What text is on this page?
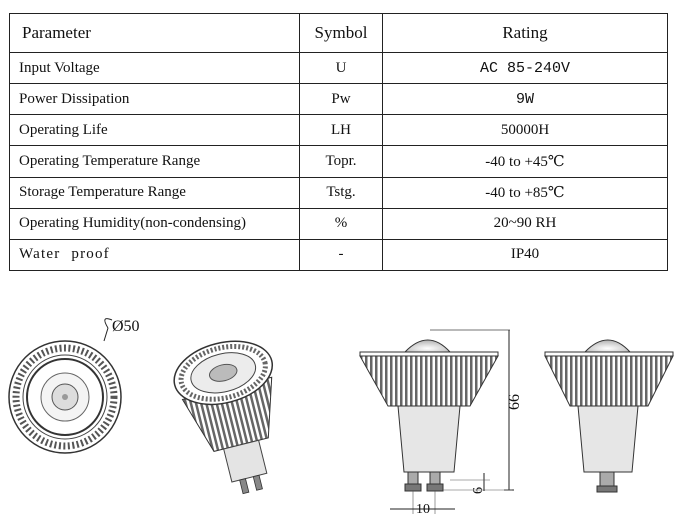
Parameter	Symbol	Rating
Input Voltage	U	AC 85-240V
Power Dissipation	Pw	9W
Operating Life	LH	50000H
Operating Temperature Range	Topr.	-40 to +45℃
Storage Temperature Range	Tstg.	-40 to +85℃
Operating Humidity(non-condensing)	%	20~90 RH
Water proof	-	IP40
Ø50
66
6
10
